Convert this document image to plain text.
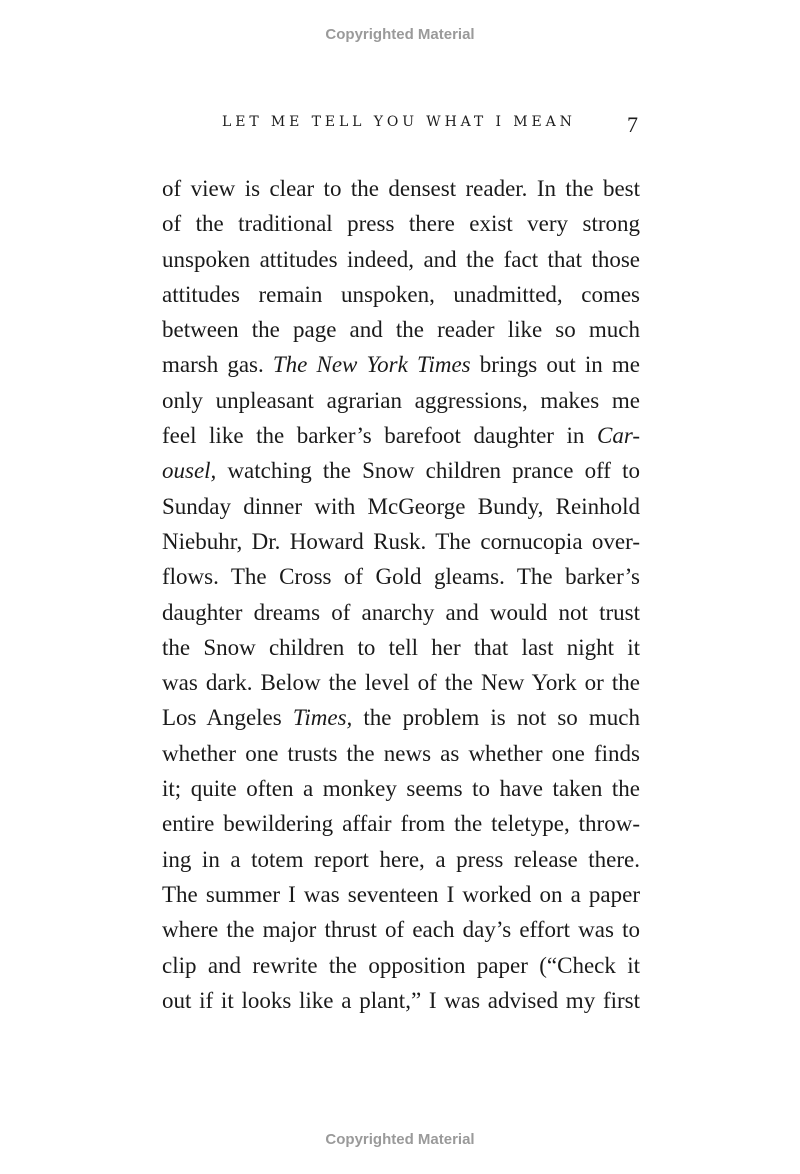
Copyrighted Material
LET ME TELL YOU WHAT I MEAN 7
of view is clear to the densest reader. In the best
of the traditional press there exist very strong
unspoken attitudes indeed, and the fact that those
attitudes remain unspoken, unadmitted, comes
between the page and the reader like so much
marsh gas. The New York Times brings out in me
only unpleasant agrarian aggressions, makes me
feel like the barker’s barefoot daughter in Car-
ousel, watching the Snow children prance off to
Sunday dinner with McGeorge Bundy, Reinhold
Niebuhr, Dr. Howard Rusk. The cornucopia over-
flows. The Cross of Gold gleams. The barker’s
daughter dreams of anarchy and would not trust
the Snow children to tell her that last night it
was dark. Below the level of the New York or the
Los Angeles Times, the problem is not so much
whether one trusts the news as whether one finds
it; quite often a monkey seems to have taken the
entire bewildering affair from the teletype, throw-
ing in a totem report here, a press release there.
The summer I was seventeen I worked on a paper
where the major thrust of each day’s effort was to
clip and rewrite the opposition paper (“Check it
out if it looks like a plant,” I was advised my first
Copyrighted Material
